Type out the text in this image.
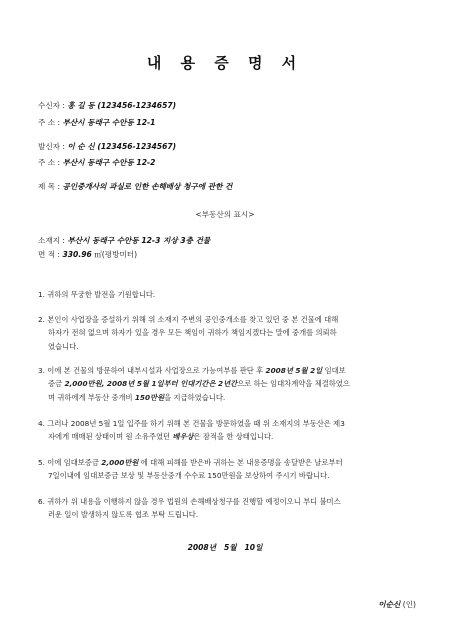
내 용 증 명 서
수신자 : 홍 길 동 (123456-1234657)
주 소 : 부산시 동래구 수안동 12-1
발신자 : 이 순 신 (123456-1234567)
주 소 : 부산시 동래구 수안동 12-2
제 목 : 공인중개사의 과실로 인한 손해배상 청구에 관한 건
<부동산의 표시>
소재지 : 부산시 동래구 수안동 12-3 지상 3층 건물
면 적 : 330.96 ㎡(평방미터)
1. 귀하의 무궁한 발전을 기원합니다.
2. 본인이 사업장을 증설하기 위해 위 소재지 주변의 공인중개소를 찾고 있던 중 본 건물에 대해
하자가 전혀 없으며 하자가 있을 경우 모든 책임이 귀하가 책임지겠다는 말에 중개를 의뢰하
였습니다.
3. 이에 본 건물의 방문하여 내부시설과 사업장으로 가능여부를 판단 후 2008년 5월 2일 임대보
증금 2,000만원, 2008년 5월 1일부터 인대기간은 2년간으로 하는 임대차계약을 체결하였으
며 귀하에게 부동산 중개비 150만원을 지급하였습니다.
4. 그러나 2008년 5월 1일 입주를 하기 위해 본 건물을 방문하였을 때 위 소재지의 부동산은 제3
자에게 매매된 상태이며 원 소유주였던 배우상은 잠적을 한 상태입니다.
5. 이에 임대보증금 2,000만원 에 대해 피해를 받은바 귀하는 본 내용증명을 송달받은 날로부터
7일이내에 임대보증금 보상 및 부동산중개 수수료 150만원을 보상하여 주시기 바랍니다.
6. 귀하가 위 내용을 이행하지 않을 경우 법원의 손해배상청구를 진행할 예정이오니 부디 불미스
러운 일이 발생하지 않도록 협조 부탁 드립니다.
2008년   5월   10일
이순신 (인)
